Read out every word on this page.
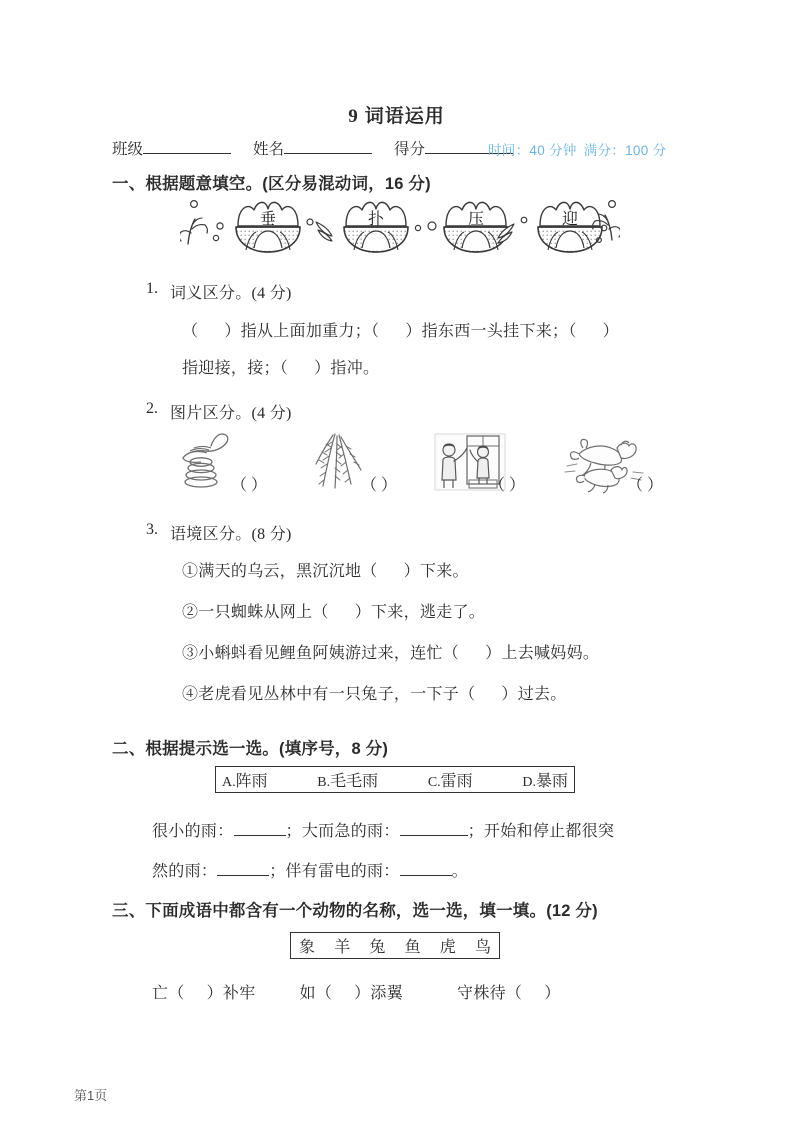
9 词语运用
班级	姓名	得分	时间：40 分钟 满分：100 分
一、根据题意填空。(区分易混动词，16 分)
垂	扑	压	迎
1. 词义区分。(4 分)
（ ）指从上面加重力；（ ）指东西一头挂下来；（ ）
指迎接，接；（ ）指冲。
2. 图片区分。(4 分)
（ ）	（ ）	（ ）	（ ）
3. 语境区分。(8 分)
①满天的乌云，黑沉沉地（ ）下来。
②一只蜘蛛从网上（ ）下来，逃走了。
③小蝌蚪看见鲤鱼阿姨游过来，连忙（ ）上去喊妈妈。
④老虎看见丛林中有一只兔子，一下子（ ）过去。
二、根据提示选一选。(填序号，8 分)
A.阵雨	B.毛毛雨	C.雷雨	D.暴雨
很小的雨：	；大而急的雨：	；开始和停止都很突
然的雨：	；伴有雷电的雨：	。
三、下面成语中都含有一个动物的名称，选一选，填一填。(12 分)
象 羊 兔 鱼 虎 鸟
亡（ ）补牢	如（ ）添翼	守株待（ ）
第1页
